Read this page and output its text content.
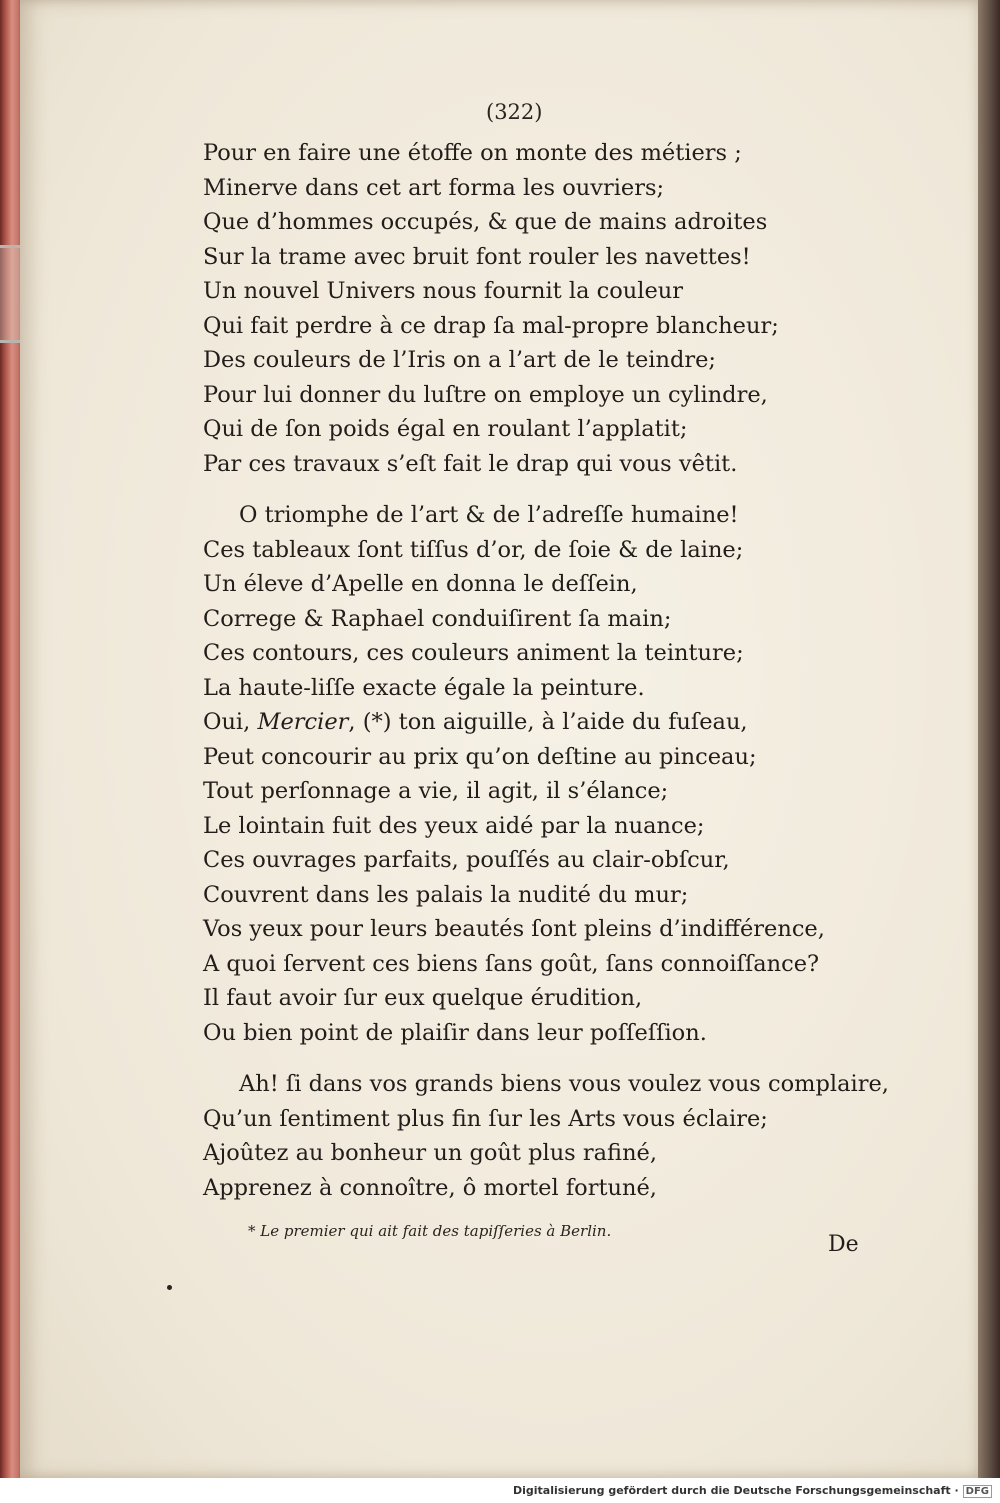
(322)
Pour en faire une étoffe on monte des métiers ;
Minerve dans cet art forma les ouvriers;
Que d’hommes occupés, & que de mains adroites
Sur la trame avec bruit font rouler les navettes!
Un nouvel Univers nous fournit la couleur
Qui fait perdre à ce drap ſa mal-propre blancheur;
Des couleurs de l’Iris on a l’art de le teindre;
Pour lui donner du luſtre on employe un cylindre,
Qui de ſon poids égal en roulant l’applatit;
Par ces travaux s’eſt fait le drap qui vous vêtit.
O triomphe de l’art & de l’adreſſe humaine!
Ces tableaux ſont tiſſus d’or, de ſoie & de laine;
Un éleve d’Apelle en donna le deſſein,
Correge & Raphael conduiſirent ſa main;
Ces contours, ces couleurs animent la teinture;
La haute-liſſe exacte égale la peinture.
Oui, Mercier, (*) ton aiguille, à l’aide du fuſeau,
Peut concourir au prix qu’on deſtine au pinceau;
Tout perſonnage a vie, il agit, il s’élance;
Le lointain fuit des yeux aidé par la nuance;
Ces ouvrages parfaits, pouſſés au clair-obſcur,
Couvrent dans les palais la nudité du mur;
Vos yeux pour leurs beautés ſont pleins d’indifférence,
A quoi ſervent ces biens ſans goût, ſans connoiſſance?
Il faut avoir ſur eux quelque érudition,
Ou bien point de plaiſir dans leur poſſeſſion.
Ah! ſi dans vos grands biens vous voulez vous complaire,
Qu’un ſentiment plus fin ſur les Arts vous éclaire;
Ajoûtez au bonheur un goût plus rafiné,
Apprenez à connoître, ô mortel fortuné,
* Le premier qui ait fait des tapiſſeries à Berlin.
De
Digitalisierung gefördert durch die Deutsche Forschungsgemeinschaft · DFG
